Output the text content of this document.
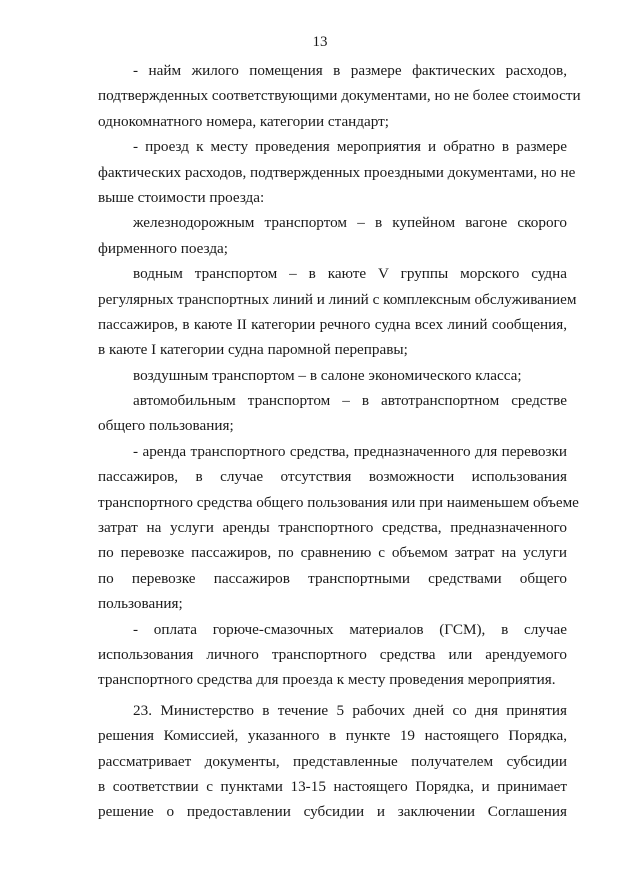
13
- найм жилого помещения в размере фактических расходов,
подтвержденных соответствующими документами, но не более стоимости
однокомнатного номера, категории стандарт;
- проезд к месту проведения мероприятия и обратно в размере
фактических расходов, подтвержденных проездными документами, но не
выше стоимости проезда:
железнодорожным транспортом – в купейном вагоне скорого
фирменного поезда;
водным транспортом – в каюте V группы морского судна
регулярных транспортных линий и линий с комплексным обслуживанием
пассажиров, в каюте II категории речного судна всех линий сообщения,
в каюте I категории судна паромной переправы;
воздушным транспортом – в салоне экономического класса;
автомобильным транспортом – в автотранспортном средстве
общего пользования;
- аренда транспортного средства, предназначенного для перевозки
пассажиров, в случае отсутствия возможности использования
транспортного средства общего пользования или при наименьшем объеме
затрат на услуги аренды транспортного средства, предназначенного
по перевозке пассажиров, по сравнению с объемом затрат на услуги
по перевозке пассажиров транспортными средствами общего
пользования;
- оплата горюче-смазочных материалов (ГСМ), в случае
использования личного транспортного средства или арендуемого
транспортного средства для проезда к месту проведения мероприятия.
23. Министерство в течение 5 рабочих дней со дня принятия
решения Комиссией, указанного в пункте 19 настоящего Порядка,
рассматривает документы, представленные получателем субсидии
в соответствии с пунктами 13-15 настоящего Порядка, и принимает
решение о предоставлении субсидии и заключении Соглашения
